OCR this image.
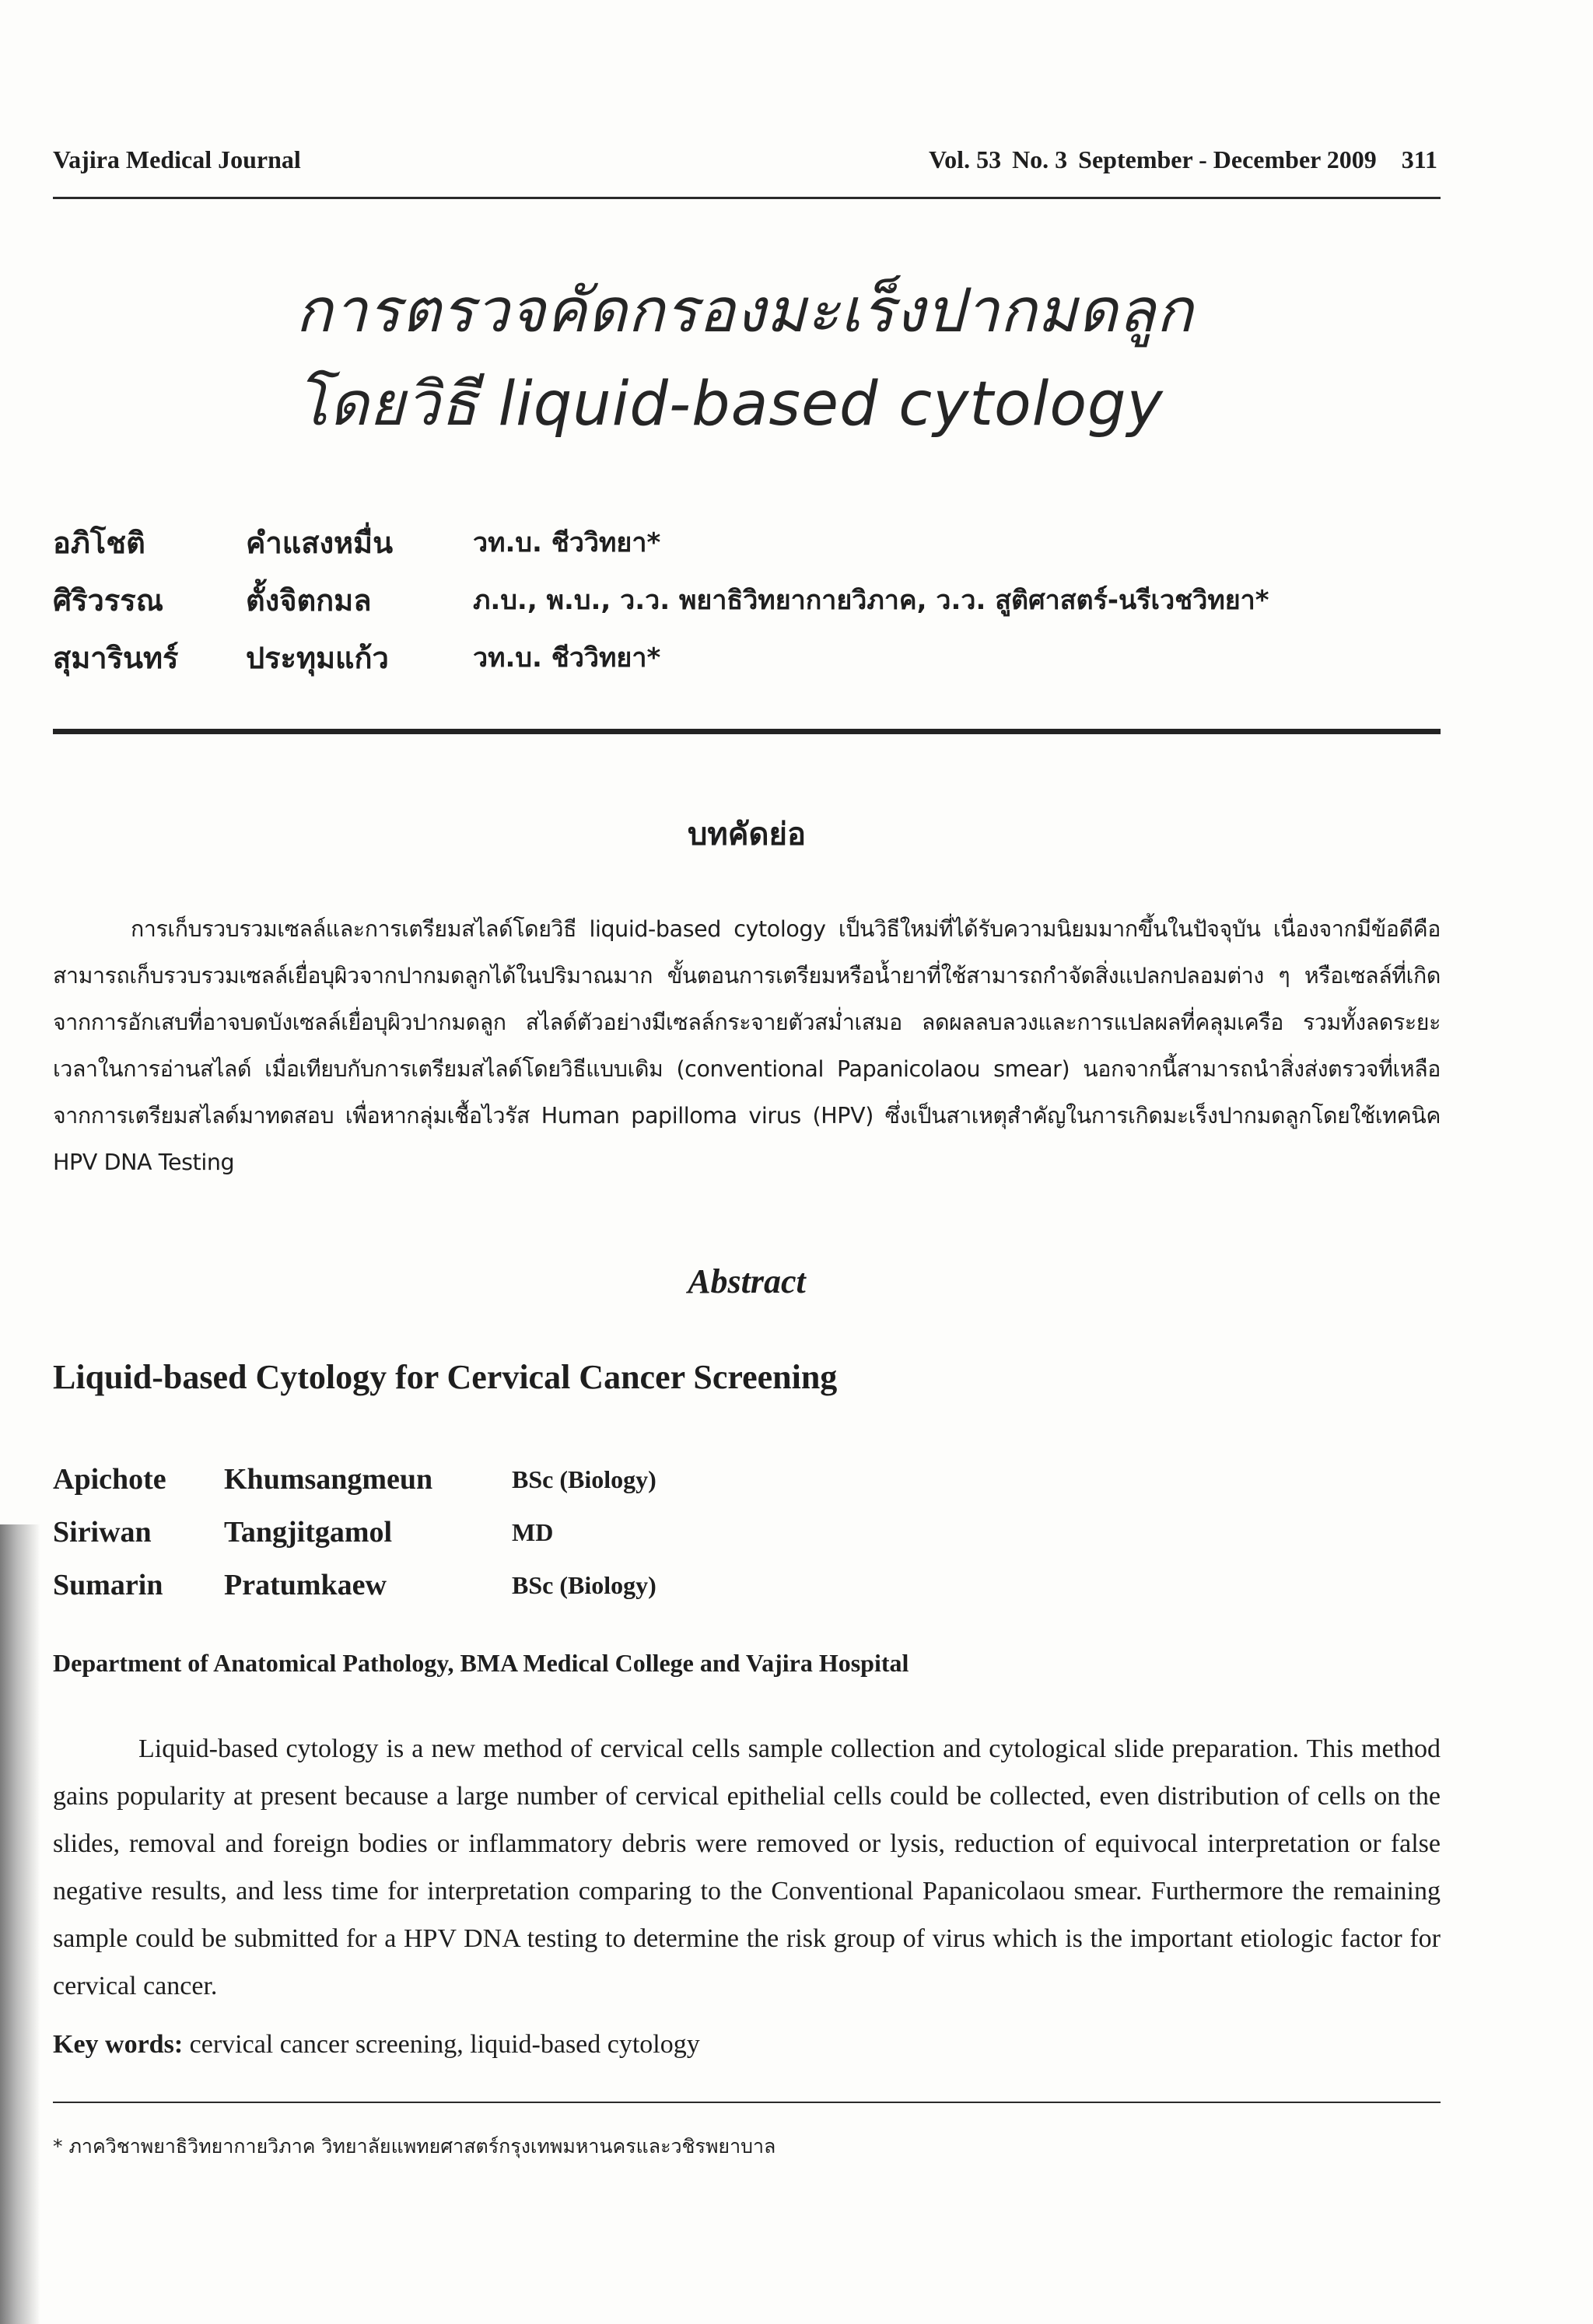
Vajira Medical Journal	Vol. 53 No. 3 September - December 2009 311
การตรวจคัดกรองมะเร็งปากมดลูก
โดยวิธี liquid-based cytology
อภิโชติ	คำแสงหมื่น	วท.บ. ชีววิทยา*
ศิริวรรณ	ตั้งจิตกมล	ภ.บ., พ.บ., ว.ว. พยาธิวิทยากายวิภาค, ว.ว. สูติศาสตร์-นรีเวชวิทยา*
สุมารินทร์	ประทุมแก้ว	วท.บ. ชีววิทยา*
บทคัดย่อ
การเก็บรวบรวมเซลล์และการเตรียมสไลด์โดยวิธี liquid-based cytology เป็นวิธีใหม่ที่ได้รับความนิยมมากขึ้นในปัจจุบัน เนื่องจากมีข้อดีคือ สามารถเก็บรวบรวมเซลล์เยื่อบุผิวจากปากมดลูกได้ในปริมาณมาก ขั้นตอนการเตรียมหรือน้ำยาที่ใช้สามารถกำจัดสิ่งแปลกปลอมต่าง ๆ หรือเซลล์ที่เกิดจากการอักเสบที่อาจบดบังเซลล์เยื่อบุผิวปากมดลูก สไลด์ตัวอย่างมีเซลล์กระจายตัวสม่ำเสมอ ลดผลลบลวงและการแปลผลที่คลุมเครือ รวมทั้งลดระยะเวลาในการอ่านสไลด์ เมื่อเทียบกับการเตรียมสไลด์โดยวิธีแบบเดิม (conventional Papanicolaou smear) นอกจากนี้สามารถนำสิ่งส่งตรวจที่เหลือจากการเตรียมสไลด์มาทดสอบ เพื่อหากลุ่มเชื้อไวรัส Human papilloma virus (HPV) ซึ่งเป็นสาเหตุสำคัญในการเกิดมะเร็งปากมดลูกโดยใช้เทคนิค HPV DNA Testing
Abstract
Liquid-based Cytology for Cervical Cancer Screening
Apichote	Khumsangmeun	BSc (Biology)
Siriwan	Tangjitgamol	MD
Sumarin	Pratumkaew	BSc (Biology)
Department of Anatomical Pathology, BMA Medical College and Vajira Hospital
Liquid-based cytology is a new method of cervical cells sample collection and cytological slide preparation. This method gains popularity at present because a large number of cervical epithelial cells could be collected, even distribution of cells on the slides, removal and foreign bodies or inflammatory debris were removed or lysis, reduction of equivocal interpretation or false negative results, and less time for interpretation comparing to the Conventional Papanicolaou smear. Furthermore the remaining sample could be submitted for a HPV DNA testing to determine the risk group of virus which is the important etiologic factor for cervical cancer.
Key words: cervical cancer screening, liquid-based cytology
* ภาควิชาพยาธิวิทยากายวิภาค วิทยาลัยแพทยศาสตร์กรุงเทพมหานครและวชิรพยาบาล
